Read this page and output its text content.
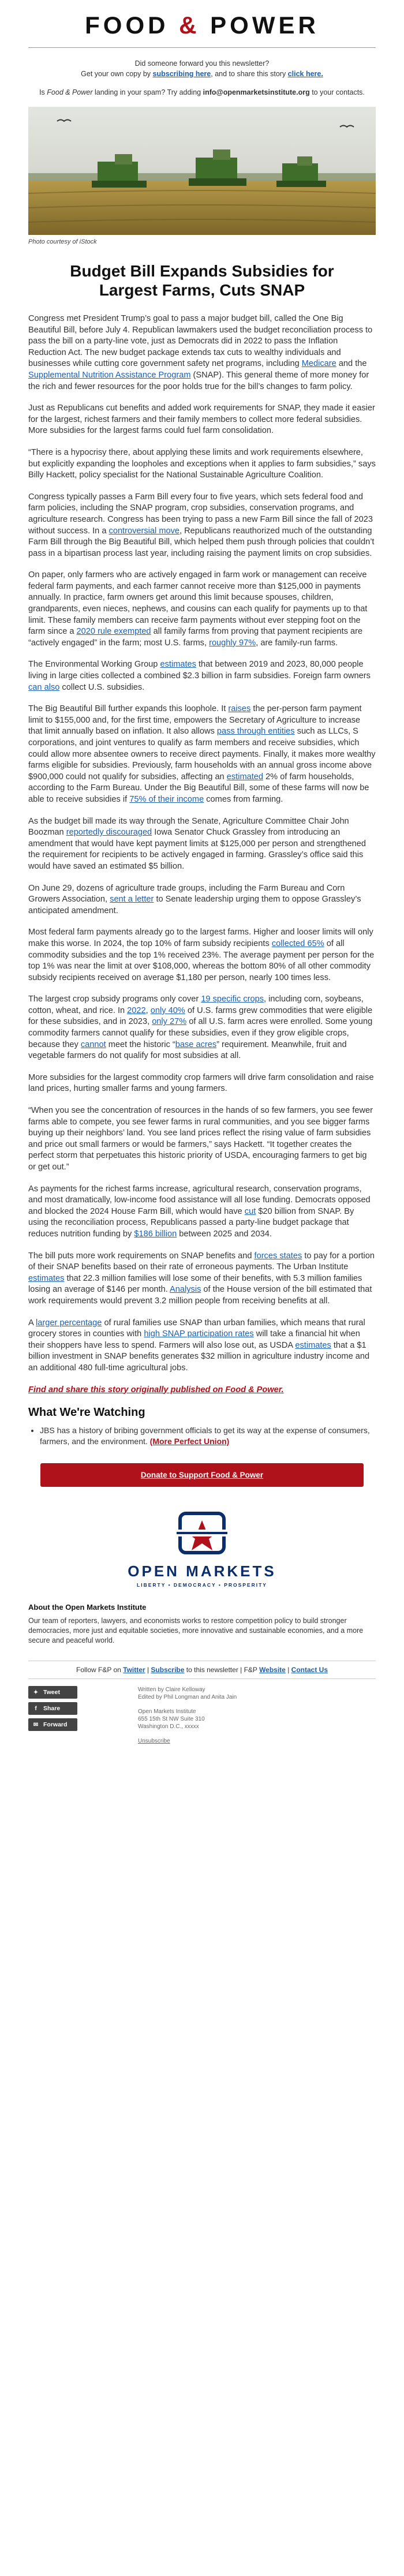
FOOD & POWER

Did someone forward you this newsletter?
Get your own copy by subscribing here, and to share this story click here.

Is Food & Power landing in your spam? Try adding info@openmarketsinstitute.org to your contacts.

Photo courtesy of iStock
Budget Bill Expands Subsidies for Largest Farms, Cuts SNAP

Congress met President Trump’s goal to pass a major budget bill, called the One Big Beautiful Bill, before July 4. Republican lawmakers used the budget reconciliation process to pass the bill on a party-line vote, just as Democrats did in 2022 to pass the Inflation Reduction Act. The new budget package extends tax cuts to wealthy individuals and businesses while cutting core government safety net programs, including Medicare and the Supplemental Nutrition Assistance Program (SNAP). This general theme of more money for the rich and fewer resources for the poor holds true for the bill’s changes to farm policy.

Just as Republicans cut benefits and added work requirements for SNAP, they made it easier for the largest, richest farmers and their family members to collect more federal subsidies. More subsidies for the largest farms could fuel farm consolidation.

“There is a hypocrisy there, about applying these limits and work requirements elsewhere, but explicitly expanding the loopholes and exceptions when it applies to farm subsidies,” says Billy Hackett, policy specialist for the National Sustainable Agriculture Coalition.

Congress typically passes a Farm Bill every four to five years, which sets federal food and farm policies, including the SNAP program, crop subsidies, conservation programs, and agriculture research. Congress has been trying to pass a new Farm Bill since the fall of 2023 without success. In a controversial move, Republicans reauthorized much of the outstanding Farm Bill through the Big Beautiful Bill, which helped them push through policies that couldn’t pass in a bipartisan process last year, including raising the payment limits on crop subsidies.

On paper, only farmers who are actively engaged in farm work or management can receive federal farm payments, and each farmer cannot receive more than $125,000 in payments annually. In practice, farm owners get around this limit because spouses, children, grandparents, even nieces, nephews, and cousins can each qualify for payments up to that limit. These family members can receive farm payments without ever stepping foot on the farm since a 2020 rule exempted all family farms from proving that payment recipients are “actively engaged” in the farm; most U.S. farms, roughly 97%, are family-run farms.

The Environmental Working Group estimates that between 2019 and 2023, 80,000 people living in large cities collected a combined $2.3 billion in farm subsidies. Foreign farm owners can also collect U.S. subsidies.

The Big Beautiful Bill further expands this loophole. It raises the per-person farm payment limit to $155,000 and, for the first time, empowers the Secretary of Agriculture to increase that limit annually based on inflation. It also allows pass through entities such as LLCs, S corporations, and joint ventures to qualify as farm members and receive subsidies, which could allow more absentee owners to receive direct payments. Finally, it makes more wealthy farms eligible for subsidies. Previously, farm households with an annual gross income above $900,000 could not qualify for subsidies, affecting an estimated 2% of farm households, according to the Farm Bureau. Under the Big Beautiful Bill, some of these farms will now be able to receive subsidies if 75% of their income comes from farming.

As the budget bill made its way through the Senate, Agriculture Committee Chair John Boozman reportedly discouraged Iowa Senator Chuck Grassley from introducing an amendment that would have kept payment limits at $125,000 per person and strengthened the requirement for recipients to be actively engaged in farming. Grassley’s office said this would have saved an estimated $5 billion.

On June 29, dozens of agriculture trade groups, including the Farm Bureau and Corn Growers Association, sent a letter to Senate leadership urging them to oppose Grassley’s anticipated amendment.

Most federal farm payments already go to the largest farms. Higher and looser limits will only make this worse. In 2024, the top 10% of farm subsidy recipients collected 65% of all commodity subsidies and the top 1% received 23%. The average payment per person for the top 1% was near the limit at over $108,000, whereas the bottom 80% of all other commodity subsidy recipients received on average $1,180 per person, nearly 100 times less.

The largest crop subsidy programs only cover 19 specific crops, including corn, soybeans, cotton, wheat, and rice. In 2022, only 40% of U.S. farms grew commodities that were eligible for these subsidies, and in 2023, only 27% of all U.S. farm acres were enrolled. Some young commodity farmers cannot qualify for these subsidies, even if they grow eligible crops, because they cannot meet the historic “base acres” requirement. Meanwhile, fruit and vegetable farmers do not qualify for most subsidies at all.

More subsidies for the largest commodity crop farmers will drive farm consolidation and raise land prices, hurting smaller farms and young farmers.

“When you see the concentration of resources in the hands of so few farmers, you see fewer farms able to compete, you see fewer farms in rural communities, and you see bigger farms buying up their neighbors’ land. You see land prices reflect the rising value of farm subsidies and price out small farmers or would be farmers,” says Hackett. “It together creates the perfect storm that perpetuates this historic priority of USDA, encouraging farmers to get big or get out.”

As payments for the richest farms increase, agricultural research, conservation programs, and most dramatically, low-income food assistance will all lose funding. Democrats opposed and blocked the 2024 House Farm Bill, which would have cut $20 billion from SNAP. By using the reconciliation process, Republicans passed a party-line budget package that reduces nutrition funding by $186 billion between 2025 and 2034.

The bill puts more work requirements on SNAP benefits and forces states to pay for a portion of their SNAP benefits based on their rate of erroneous payments. The Urban Institute estimates that 22.3 million families will lose some of their benefits, with 5.3 million families losing an average of $146 per month. Analysis of the House version of the bill estimated that work requirements would prevent 3.2 million people from receiving benefits at all.

A larger percentage of rural families use SNAP than urban families, which means that rural grocery stores in counties with high SNAP participation rates will take a financial hit when their shoppers have less to spend. Farmers will also lose out, as USDA estimates that a $1 billion investment in SNAP benefits generates $32 million in agriculture industry income and an additional 480 full-time agricultural jobs.

Find and share this story originally published on Food & Power.

What We're Watching
• JBS has a history of bribing government officials to get its way at the expense of consumers, farmers, and the environment. (More Perfect Union)
Donate to Support Food & Power
OPEN MARKETS
LIBERTY • DEMOCRACY • PROSPERITY
About the Open Markets Institute
Our team of reporters, lawyers, and economists works to restore competition policy to build stronger democracies, more just and equitable societies, more innovative and sustainable economies, and a more secure and peaceful world.
Follow F&P on Twitter | Subscribe to this newsletter | F&P Website | Contact Us
✦ Tweet
f	Share
✉ Forward

Written by Claire Kelloway
Edited by Phil Longman and Anita Jain

Open Markets Institute
655 15th St NW Suite 310
Washington D.C., xxxxx

Unsubscribe
